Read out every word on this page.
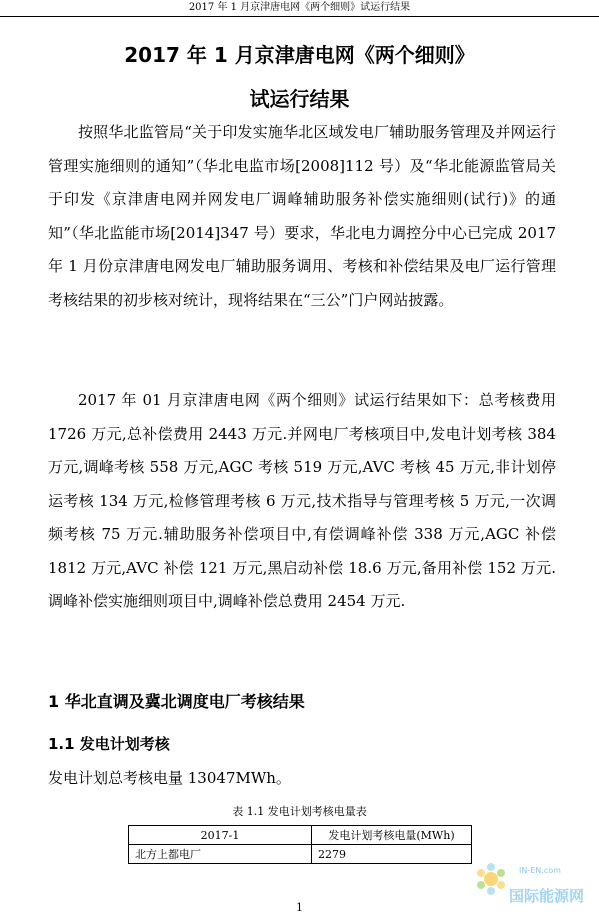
2017 年 1 月京津唐电网《两个细则》试运行结果
2017 年 1 月京津唐电网《两个细则》
试运行结果

按照华北监管局“关于印发实施华北区域发电厂辅助服务管理及并网运行管理实施细则的通知”（华北电监市场[2008]112 号）及“华北能源监管局关于印发《京津唐电网并网发电厂调峰辅助服务补偿实施细则(试行)》的通知”（华北监能市场[2014]347 号）要求，华北电力调控分中心已完成 2017 年 1 月份京津唐电网发电厂辅助服务调用、考核和补偿结果及电厂运行管理考核结果的初步核对统计，现将结果在“三公”门户网站披露。

2017 年 01 月京津唐电网《两个细则》试运行结果如下：总考核费用 1726 万元,总补偿费用 2443 万元.并网电厂考核项目中,发电计划考核 384 万元,调峰考核 558 万元,AGC 考核 519 万元,AVC 考核 45 万元,非计划停运考核 134 万元,检修管理考核 6 万元,技术指导与管理考核 5 万元,一次调频考核 75 万元.辅助服务补偿项目中,有偿调峰补偿 338 万元,AGC 补偿 1812 万元,AVC 补偿 121 万元,黑启动补偿 18.6 万元,备用补偿 152 万元.调峰补偿实施细则项目中,调峰补偿总费用 2454 万元.

1 华北直调及冀北调度电厂考核结果
1.1 发电计划考核
发电计划总考核电量 13047MWh。
表 1.1 发电计划考核电量表
2017-1	发电计划考核电量(MWh)
北方上都电厂	2279
1
IN-EN.com
国际能源网
